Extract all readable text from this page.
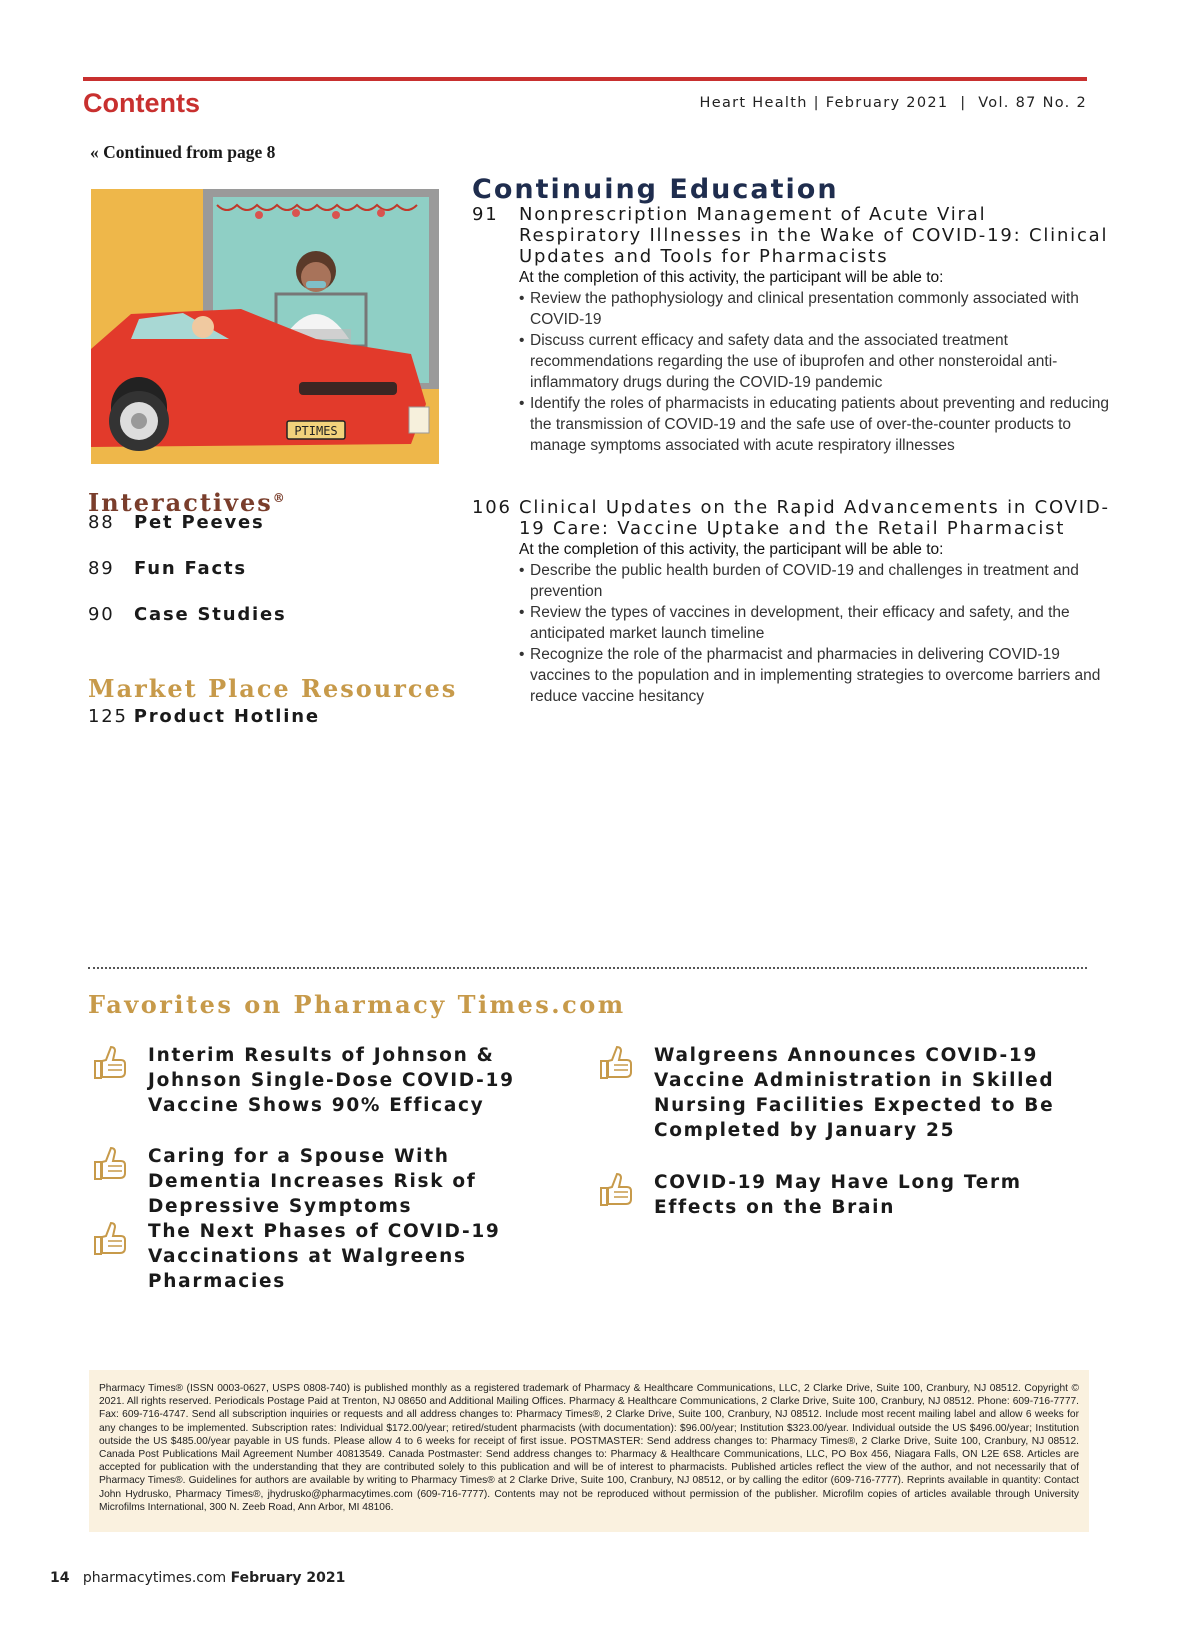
Contents	Heart Health | February 2021  |  Vol. 87 No. 2
« Continued from page 8
PTIMES
Interactives®
88 Pet Peeves
89 Fun Facts
90 Case Studies
Market Place Resources
125 Product Hotline
Continuing Education
91 Nonprescription Management of Acute Viral Respiratory Illnesses in the Wake of COVID-19: Clinical Updates and Tools for Pharmacists
At the completion of this activity, the participant will be able to:
• Review the pathophysiology and clinical presentation commonly associated with COVID-19
• Discuss current efficacy and safety data and the associated treatment recommendations regarding the use of ibuprofen and other nonsteroidal anti-inflammatory drugs during the COVID-19 pandemic
• Identify the roles of pharmacists in educating patients about preventing and reducing the transmission of COVID-19 and the safe use of over-the-counter products to manage symptoms associated with acute respiratory illnesses
106 Clinical Updates on the Rapid Advancements in COVID-19 Care: Vaccine Uptake and the Retail Pharmacist
At the completion of this activity, the participant will be able to:
• Describe the public health burden of COVID-19 and challenges in treatment and prevention
• Review the types of vaccines in development, their efficacy and safety, and the anticipated market launch timeline
• Recognize the role of the pharmacist and pharmacies in delivering COVID-19 vaccines to the population and in implementing strategies to overcome barriers and reduce vaccine hesitancy
Favorites on Pharmacy Times.com
Interim Results of Johnson & Johnson Single-Dose COVID-19 Vaccine Shows 90% Efficacy
Caring for a Spouse With Dementia Increases Risk of Depressive Symptoms
The Next Phases of COVID-19 Vaccinations at Walgreens Pharmacies
Walgreens Announces COVID-19 Vaccine Administration in Skilled Nursing Facilities Expected to Be Completed by January 25
COVID-19 May Have Long Term Effects on the Brain

Pharmacy Times® (ISSN 0003-0627, USPS 0808-740) is published monthly as a registered trademark of Pharmacy & Healthcare Communications, LLC, 2 Clarke Drive, Suite 100, Cranbury, NJ 08512. Copyright © 2021. All rights reserved. Periodicals Postage Paid at Trenton, NJ 08650 and Additional Mailing Offices. Pharmacy & Healthcare Communications, 2 Clarke Drive, Suite 100, Cranbury, NJ 08512. Phone: 609-716-7777. Fax: 609-716-4747. Send all subscription inquiries or requests and all address changes to: Pharmacy Times®, 2 Clarke Drive, Suite 100, Cranbury, NJ 08512. Include most recent mailing label and allow 6 weeks for any changes to be implemented. Subscription rates: Individual $172.00/year; retired/student pharmacists (with documentation): $96.00/year; Institution $323.00/year. Individual outside the US $496.00/year; Institution outside the US $485.00/year payable in US funds. Please allow 4 to 6 weeks for receipt of first issue. POSTMASTER: Send address changes to: Pharmacy Times®, 2 Clarke Drive, Suite 100, Cranbury, NJ 08512. Canada Post Publications Mail Agreement Number 40813549. Canada Postmaster: Send address changes to: Pharmacy & Healthcare Communications, LLC, PO Box 456, Niagara Falls, ON L2E 6S8. Articles are accepted for publication with the understanding that they are contributed solely to this publication and will be of interest to pharmacists. Published articles reflect the view of the author, and not necessarily that of Pharmacy Times®. Guidelines for authors are available by writing to Pharmacy Times® at 2 Clarke Drive, Suite 100, Cranbury, NJ 08512, or by calling the editor (609-716-7777). Reprints available in quantity: Contact John Hydrusko, Pharmacy Times®, jhydrusko@pharmacytimes.com (609-716-7777). Contents may not be reproduced without permission of the publisher. Microfilm copies of articles available through University Microfilms International, 300 N. Zeeb Road, Ann Arbor, MI 48106.

14 pharmacytimes.com February 2021
